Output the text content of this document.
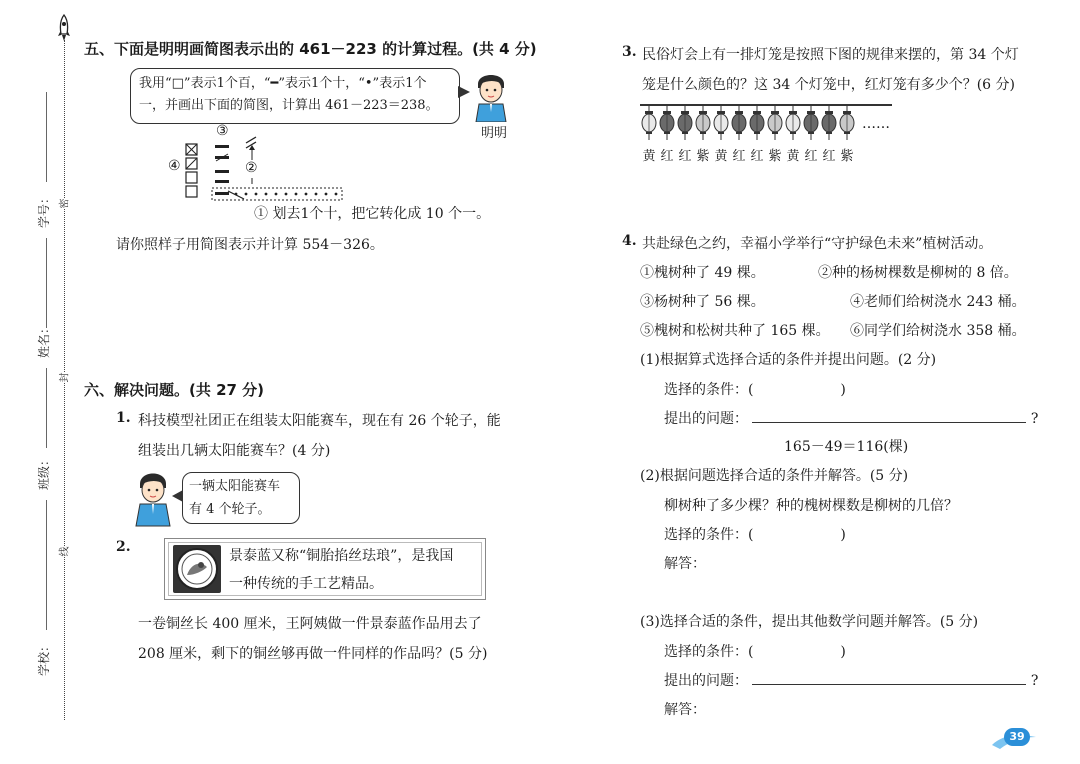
学号：
姓名：
班级：
学校：
密
封
线
五、下面是明明画简图表示出的 461－223 的计算过程。(共 4 分)
我用“□”表示1个百，“━”表示1个十，“•”表示1个
一，并画出下面的简图，计算出 461－223＝238。
明明
③
②
④
① 划去1个十，把它转化成 10 个一。
请你照样子用简图表示并计算 554－326。
六、解决问题。(共 27 分)
1. 科技模型社团正在组装太阳能赛车，现在有 26 个轮子，能
组装出几辆太阳能赛车？(4 分)
一辆太阳能赛车
有 4 个轮子。
2.
景泰蓝又称“铜胎掐丝珐琅”，是我国
一种传统的手工艺精品。
一卷铜丝长 400 厘米，王阿姨做一件景泰蓝作品用去了
208 厘米，剩下的铜丝够再做一件同样的作品吗？(5 分)
3. 民俗灯会上有一排灯笼是按照下图的规律来摆的，第 34 个灯
笼是什么颜色的？这 34 个灯笼中，红灯笼有多少个？(6 分)
……
黄 红 红 紫 黄 红 红 紫 黄 红 红 紫
4. 共赴绿色之约，幸福小学举行“守护绿色未来”植树活动。
①槐树种了 49 棵。	②种的杨树棵数是柳树的 8 倍。
③杨树种了 56 棵。	④老师们给树浇水 243 桶。
⑤槐树和松树共种了 165 棵。 ⑥同学们给树浇水 358 桶。
(1)根据算式选择合适的条件并提出问题。(2 分)
选择的条件：(	)
提出的问题：	?
165－49＝116(棵)
(2)根据问题选择合适的条件并解答。(5 分)
柳树种了多少棵？种的槐树棵数是柳树的几倍？
选择的条件：(	)
解答：
(3)选择合适的条件，提出其他数学问题并解答。(5 分)
选择的条件：(	)
提出的问题：	?
解答：
39
